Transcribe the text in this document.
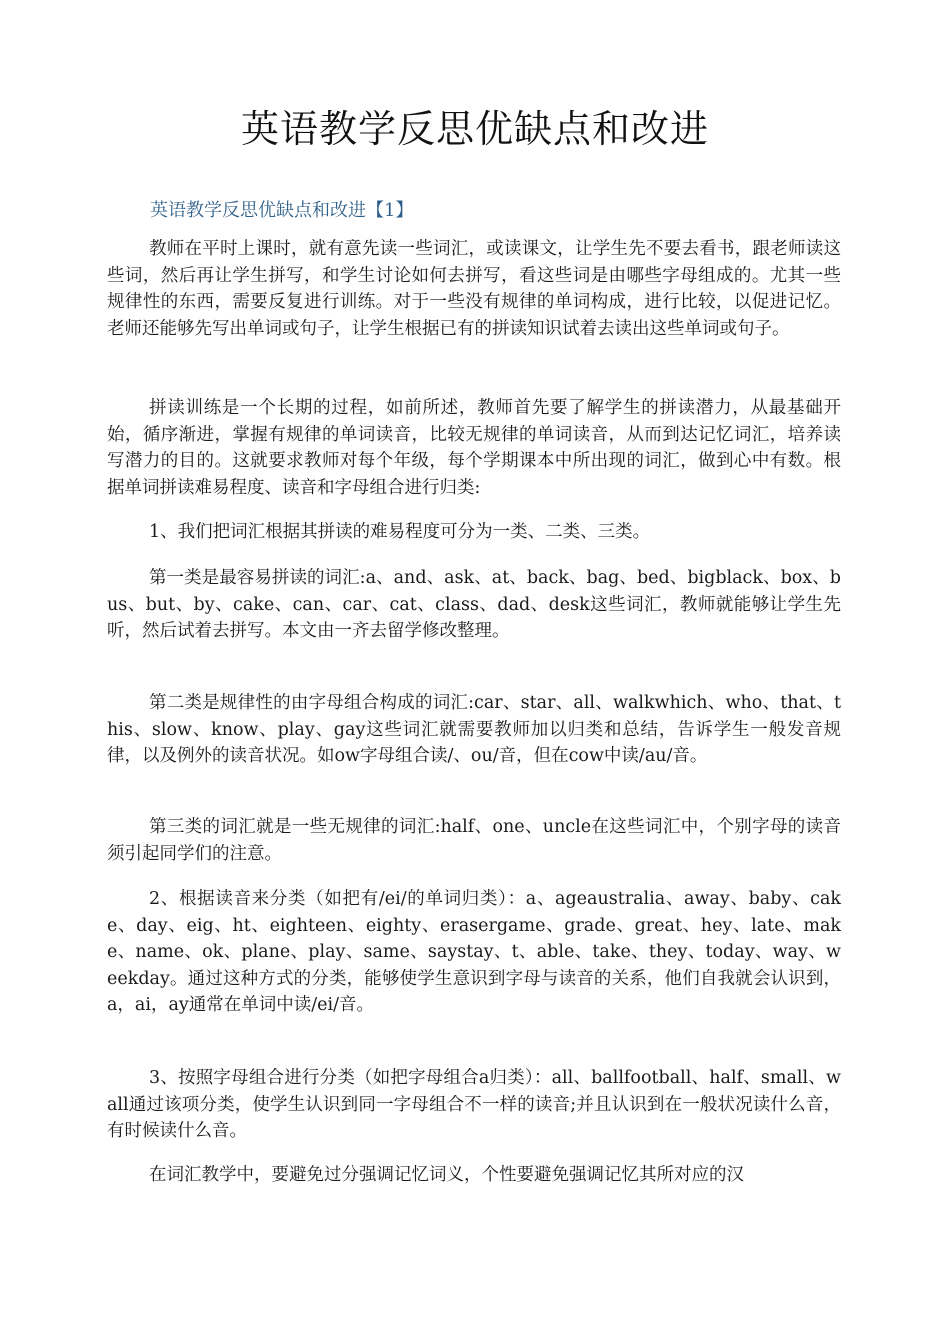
英语教学反思优缺点和改进

英语教学反思优缺点和改进【1】

教师在平时上课时，就有意先读一些词汇，或读课文，让学生先不要去看书，跟老师读这些词，然后再让学生拼写，和学生讨论如何去拼写，看这些词是由哪些字母组成的。尤其一些规律性的东西，需要反复进行训练。对于一些没有规律的单词构成，进行比较，以促进记忆。老师还能够先写出单词或句子，让学生根据已有的拼读知识试着去读出这些单词或句子。

拼读训练是一个长期的过程，如前所述，教师首先要了解学生的拼读潜力，从最基础开始，循序渐进，掌握有规律的单词读音，比较无规律的单词读音，从而到达记忆词汇，培养读写潜力的目的。这就要求教师对每个年级，每个学期课本中所出现的词汇，做到心中有数。根据单词拼读难易程度、读音和字母组合进行归类:

1、我们把词汇根据其拼读的难易程度可分为一类、二类、三类。

第一类是最容易拼读的词汇:a、and、ask、at、back、bag、bed、bigblack、box、bus、but、by、cake、can、car、cat、class、dad、desk这些词汇，教师就能够让学生先听，然后试着去拼写。本文由一齐去留学修改整理。

第二类是规律性的由字母组合构成的词汇:car、star、all、walkwhich、who、that、this、slow、know、play、gay这些词汇就需要教师加以归类和总结，告诉学生一般发音规律，以及例外的读音状况。如ow字母组合读/、ou/音，但在cow中读/au/音。

第三类的词汇就是一些无规律的词汇:half、one、uncle在这些词汇中，个别字母的读音须引起同学们的注意。

2、根据读音来分类（如把有/ei/的单词归类）：a、ageaustralia、away、baby、cake、day、eig、ht、eighteen、eighty、erasergame、grade、great、hey、late、make、name、ok、plane、play、same、saystay、t、able、take、they、today、way、weekday。通过这种方式的分类，能够使学生意识到字母与读音的关系，他们自我就会认识到，a，ai，ay通常在单词中读/ei/音。

3、按照字母组合进行分类（如把字母组合a归类）：all、ballfootball、half、small、wall通过该项分类，使学生认识到同一字母组合不一样的读音;并且认识到在一般状况读什么音，有时候读什么音。

在词汇教学中，要避免过分强调记忆词义，个性要避免强调记忆其所对应的汉
